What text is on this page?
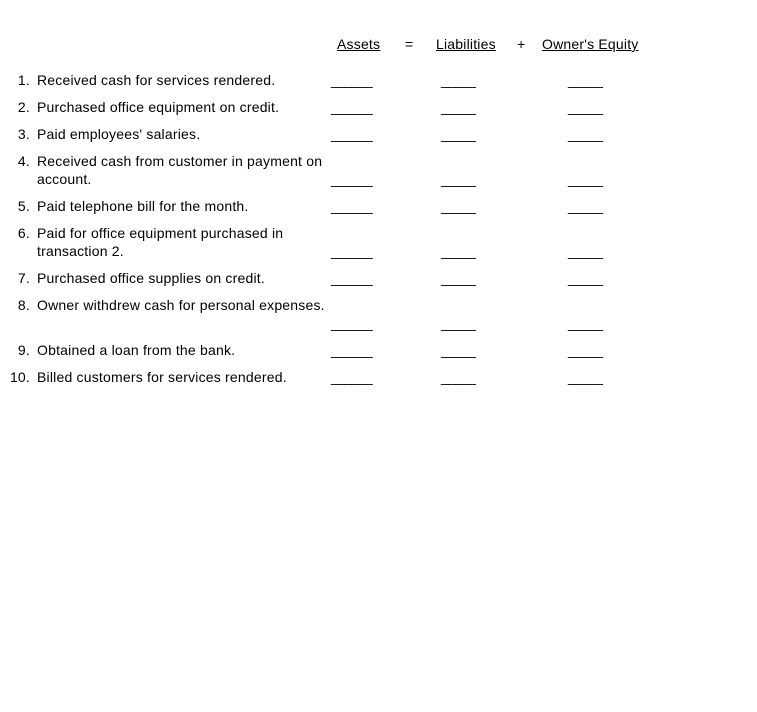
Assets = Liabilities + Owner's Equity
1. Received cash for services rendered.	______	_____	_____
2. Purchased office equipment on credit.	______	_____	_____
3. Paid employees' salaries.	______	_____	_____
4. Received cash from customer in payment on account.	______	_____	_____
5. Paid telephone bill for the month.	______	_____	_____
6. Paid for office equipment purchased in transaction 2.	______	_____	_____
7. Purchased office supplies on credit.	______	_____	_____
8. Owner withdrew cash for personal expenses.
______	_____	_____
9. Obtained a loan from the bank.	______	_____	_____
10. Billed customers for services rendered.	______	_____	_____
